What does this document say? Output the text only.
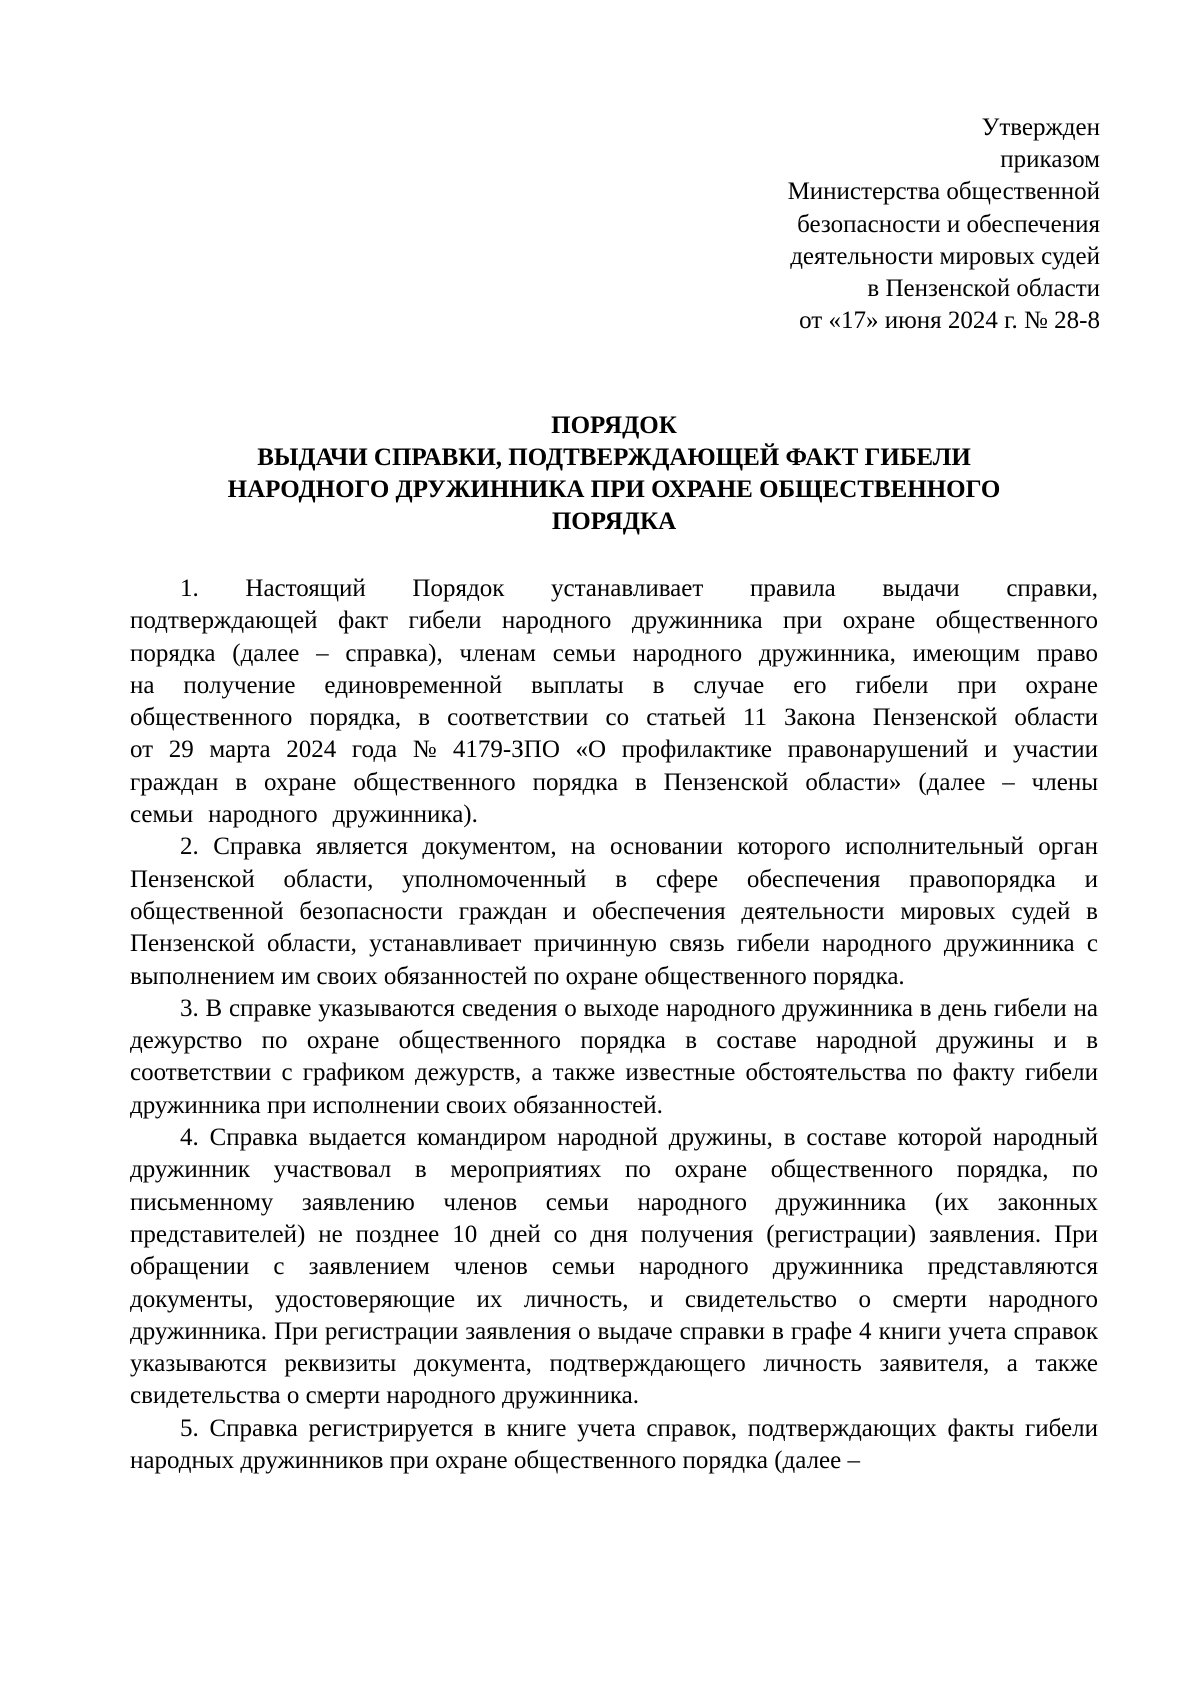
Утвержден
приказом
Министерства общественной
безопасности и обеспечения
деятельности мировых судей
в Пензенской области
от «17» июня 2024 г. № 28-8
ПОРЯДОК
ВЫДАЧИ СПРАВКИ, ПОДТВЕРЖДАЮЩЕЙ ФАКТ ГИБЕЛИ
НАРОДНОГО ДРУЖИННИКА ПРИ ОХРАНЕ ОБЩЕСТВЕННОГО
ПОРЯДКА

1. Настоящий Порядок устанавливает правила выдачи справки, подтверждающей факт гибели народного дружинника при охране общественного порядка (далее – справка), членам семьи народного дружинника, имеющим право на получение единовременной выплаты в случае его гибели при охране общественного порядка, в соответствии со статьей 11 Закона Пензенской области от 29 марта 2024 года № 4179-ЗПО «О профилактике правонарушений и участии граждан в охране общественного порядка в Пензенской области» (далее – члены семьи народного дружинника).

2. Справка является документом, на основании которого исполнительный орган Пензенской области, уполномоченный в сфере обеспечения правопорядка и общественной безопасности граждан и обеспечения деятельности мировых судей в Пензенской области, устанавливает причинную связь гибели народного дружинника с выполнением им своих обязанностей по охране общественного порядка.

3. В справке указываются сведения о выходе народного дружинника в день гибели на дежурство по охране общественного порядка в составе народной дружины и в соответствии с графиком дежурств, а также известные обстоятельства по факту гибели дружинника при исполнении своих обязанностей.

4. Справка выдается командиром народной дружины, в составе которой народный дружинник участвовал в мероприятиях по охране общественного порядка, по письменному заявлению членов семьи народного дружинника (их законных представителей) не позднее 10 дней со дня получения (регистрации) заявления. При обращении с заявлением членов семьи народного дружинника представляются документы, удостоверяющие их личность, и свидетельство о смерти народного дружинника. При регистрации заявления о выдаче справки в графе 4 книги учета справок указываются реквизиты документа, подтверждающего личность заявителя, а также свидетельства о смерти народного дружинника.

5. Справка регистрируется в книге учета справок, подтверждающих факты гибели народных дружинников при охране общественного порядка (далее –
